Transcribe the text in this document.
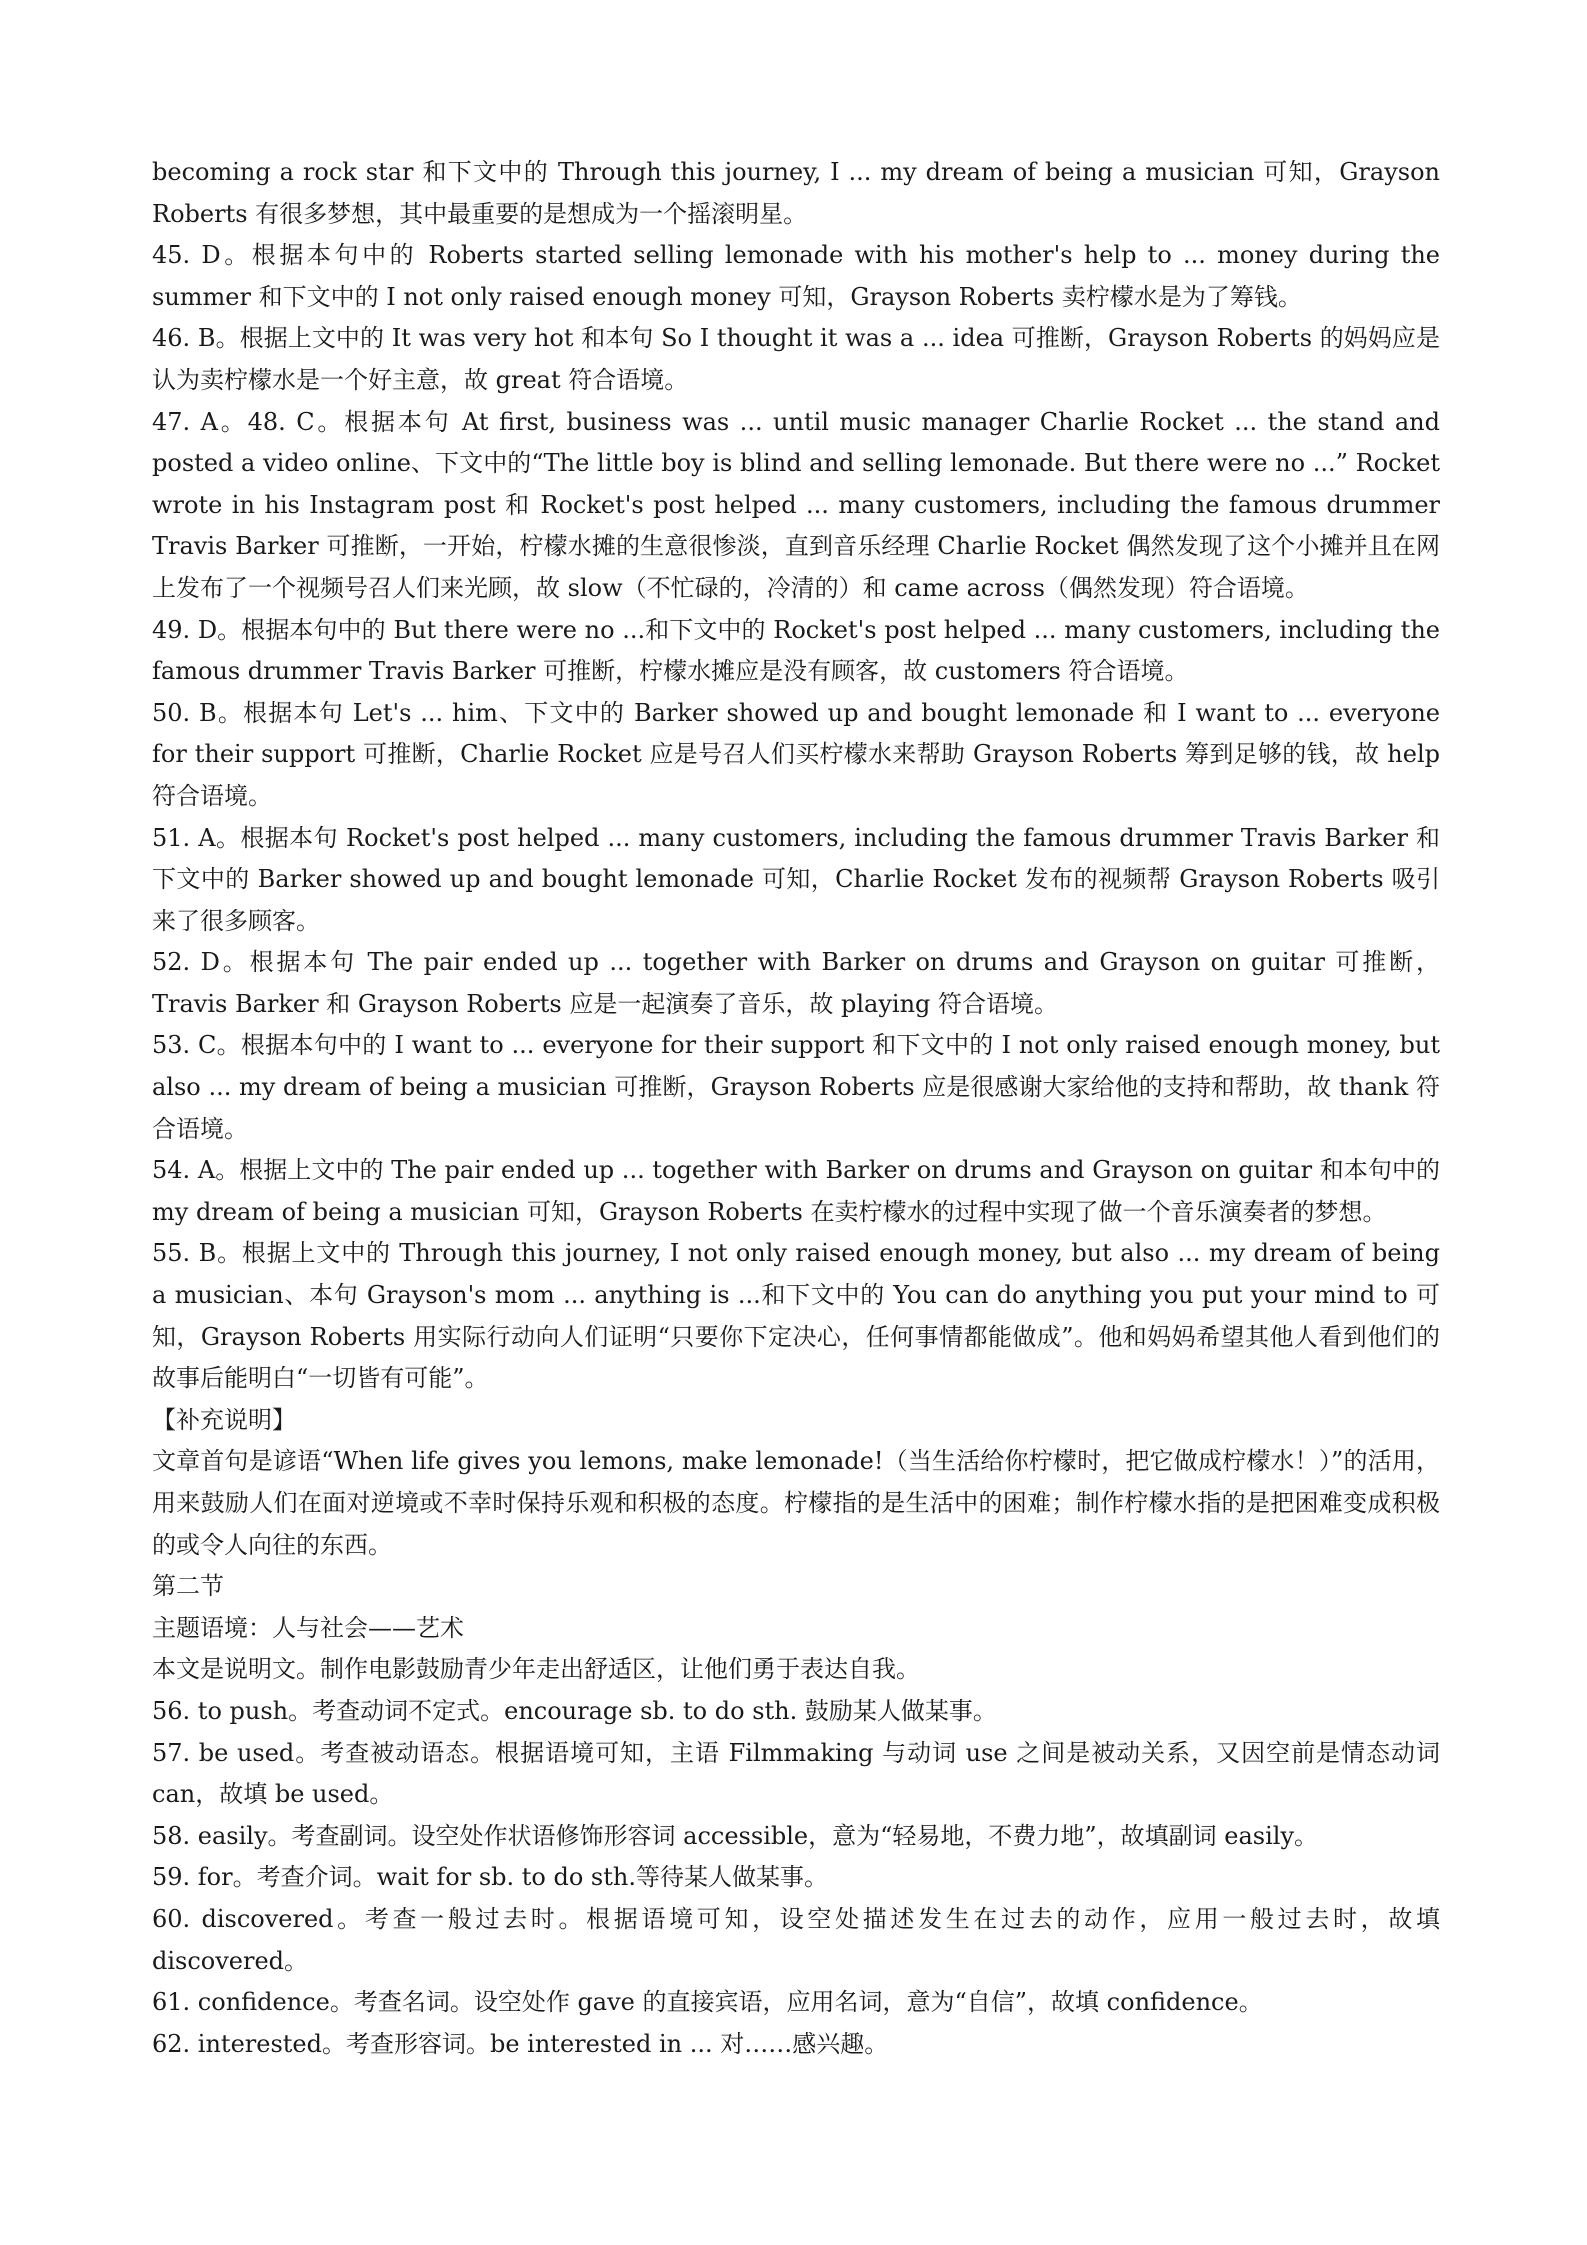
becoming a rock star 和下文中的 Through this journey, I ... my dream of being a musician 可知，Grayson Roberts 有很多梦想，其中最重要的是想成为一个摇滚明星。

45. D。根据本句中的 Roberts started selling lemonade with his mother's help to ... money during the summer 和下文中的 I not only raised enough money 可知，Grayson Roberts 卖柠檬水是为了筹钱。

46. B。根据上文中的 It was very hot 和本句 So I thought it was a ... idea 可推断，Grayson Roberts 的妈妈应是认为卖柠檬水是一个好主意，故 great 符合语境。

47. A。48. C。根据本句 At first, business was ... until music manager Charlie Rocket ... the stand and posted a video online、下文中的“The little boy is blind and selling lemonade. But there were no ...” Rocket wrote in his Instagram post 和 Rocket's post helped ... many customers, including the famous drummer Travis Barker 可推断，一开始，柠檬水摊的生意很惨淡，直到音乐经理 Charlie Rocket 偶然发现了这个小摊并且在网上发布了一个视频号召人们来光顾，故 slow（不忙碌的，冷清的）和 came across（偶然发现）符合语境。

49. D。根据本句中的 But there were no ...和下文中的 Rocket's post helped ... many customers, including the famous drummer Travis Barker 可推断，柠檬水摊应是没有顾客，故 customers 符合语境。

50. B。根据本句 Let's ... him、下文中的 Barker showed up and bought lemonade 和 I want to ... everyone for their support 可推断，Charlie Rocket 应是号召人们买柠檬水来帮助 Grayson Roberts 筹到足够的钱，故 help 符合语境。

51. A。根据本句 Rocket's post helped ... many customers, including the famous drummer Travis Barker 和下文中的 Barker showed up and bought lemonade 可知，Charlie Rocket 发布的视频帮 Grayson Roberts 吸引来了很多顾客。

52. D。根据本句 The pair ended up ... together with Barker on drums and Grayson on guitar 可推断，Travis Barker 和 Grayson Roberts 应是一起演奏了音乐，故 playing 符合语境。

53. C。根据本句中的 I want to ... everyone for their support 和下文中的 I not only raised enough money, but also ... my dream of being a musician 可推断，Grayson Roberts 应是很感谢大家给他的支持和帮助，故 thank 符合语境。

54. A。根据上文中的 The pair ended up ... together with Barker on drums and Grayson on guitar 和本句中的 my dream of being a musician 可知，Grayson Roberts 在卖柠檬水的过程中实现了做一个音乐演奏者的梦想。

55. B。根据上文中的 Through this journey, I not only raised enough money, but also ... my dream of being a musician、本句 Grayson's mom ... anything is ...和下文中的 You can do anything you put your mind to 可知，Grayson Roberts 用实际行动向人们证明“只要你下定决心，任何事情都能做成”。他和妈妈希望其他人看到他们的故事后能明白“一切皆有可能”。

【补充说明】

文章首句是谚语“When life gives you lemons, make lemonade!（当生活给你柠檬时，把它做成柠檬水！）”的活用，用来鼓励人们在面对逆境或不幸时保持乐观和积极的态度。柠檬指的是生活中的困难；制作柠檬水指的是把困难变成积极的或令人向往的东西。

第二节

主题语境：人与社会——艺术

本文是说明文。制作电影鼓励青少年走出舒适区，让他们勇于表达自我。

56. to push。考查动词不定式。encourage sb. to do sth. 鼓励某人做某事。

57. be used。考查被动语态。根据语境可知，主语 Filmmaking 与动词 use 之间是被动关系，又因空前是情态动词 can，故填 be used。

58. easily。考查副词。设空处作状语修饰形容词 accessible，意为“轻易地，不费力地”，故填副词 easily。

59. for。考查介词。wait for sb. to do sth.等待某人做某事。

60. discovered。考查一般过去时。根据语境可知，设空处描述发生在过去的动作，应用一般过去时，故填 discovered。

61. confidence。考查名词。设空处作 gave 的直接宾语，应用名词，意为“自信”，故填 confidence。

62. interested。考查形容词。be interested in ... 对……感兴趣。
